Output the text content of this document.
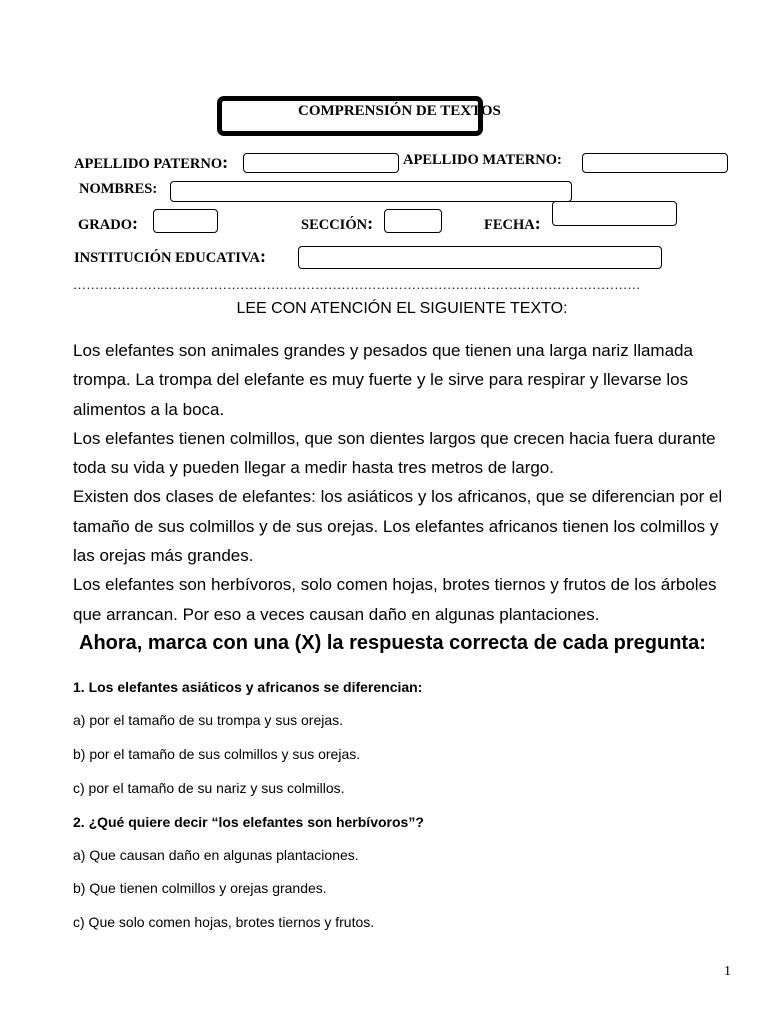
COMPRENSIÓN DE TEXTOS
APELLIDO PATERNO:	APELLIDO MATERNO:
NOMBRES:
GRADO:	SECCIÓN:	FECHA:
INSTITUCIÓN EDUCATIVA:
…………………………………………………………………………………………………………………
LEE CON ATENCIÓN EL SIGUIENTE TEXTO:

Los elefantes son animales grandes y pesados que tienen una larga nariz llamada trompa. La trompa del elefante es muy fuerte y le sirve para respirar y llevarse los alimentos a la boca.

Los elefantes tienen colmillos, que son dientes largos que crecen hacia fuera durante toda su vida y pueden llegar a medir hasta tres metros de largo.

Existen dos clases de elefantes: los asiáticos y los africanos, que se diferencian por el tamaño de sus colmillos y de sus orejas. Los elefantes africanos tienen los colmillos y las orejas más grandes.

Los elefantes son herbívoros, solo comen hojas, brotes tiernos y frutos de los árboles que arrancan. Por eso a veces causan daño en algunas plantaciones.

Ahora, marca con una (X) la respuesta correcta de cada pregunta:
1. Los elefantes asiáticos y africanos se diferencian:
a) por el tamaño de su trompa y sus orejas.
b) por el tamaño de sus colmillos y sus orejas.
c) por el tamaño de su nariz y sus colmillos.
2. ¿Qué quiere decir “los elefantes son herbívoros”?
a) Que causan daño en algunas plantaciones.
b) Que tienen colmillos y orejas grandes.
c) Que solo comen hojas, brotes tiernos y frutos.
1
